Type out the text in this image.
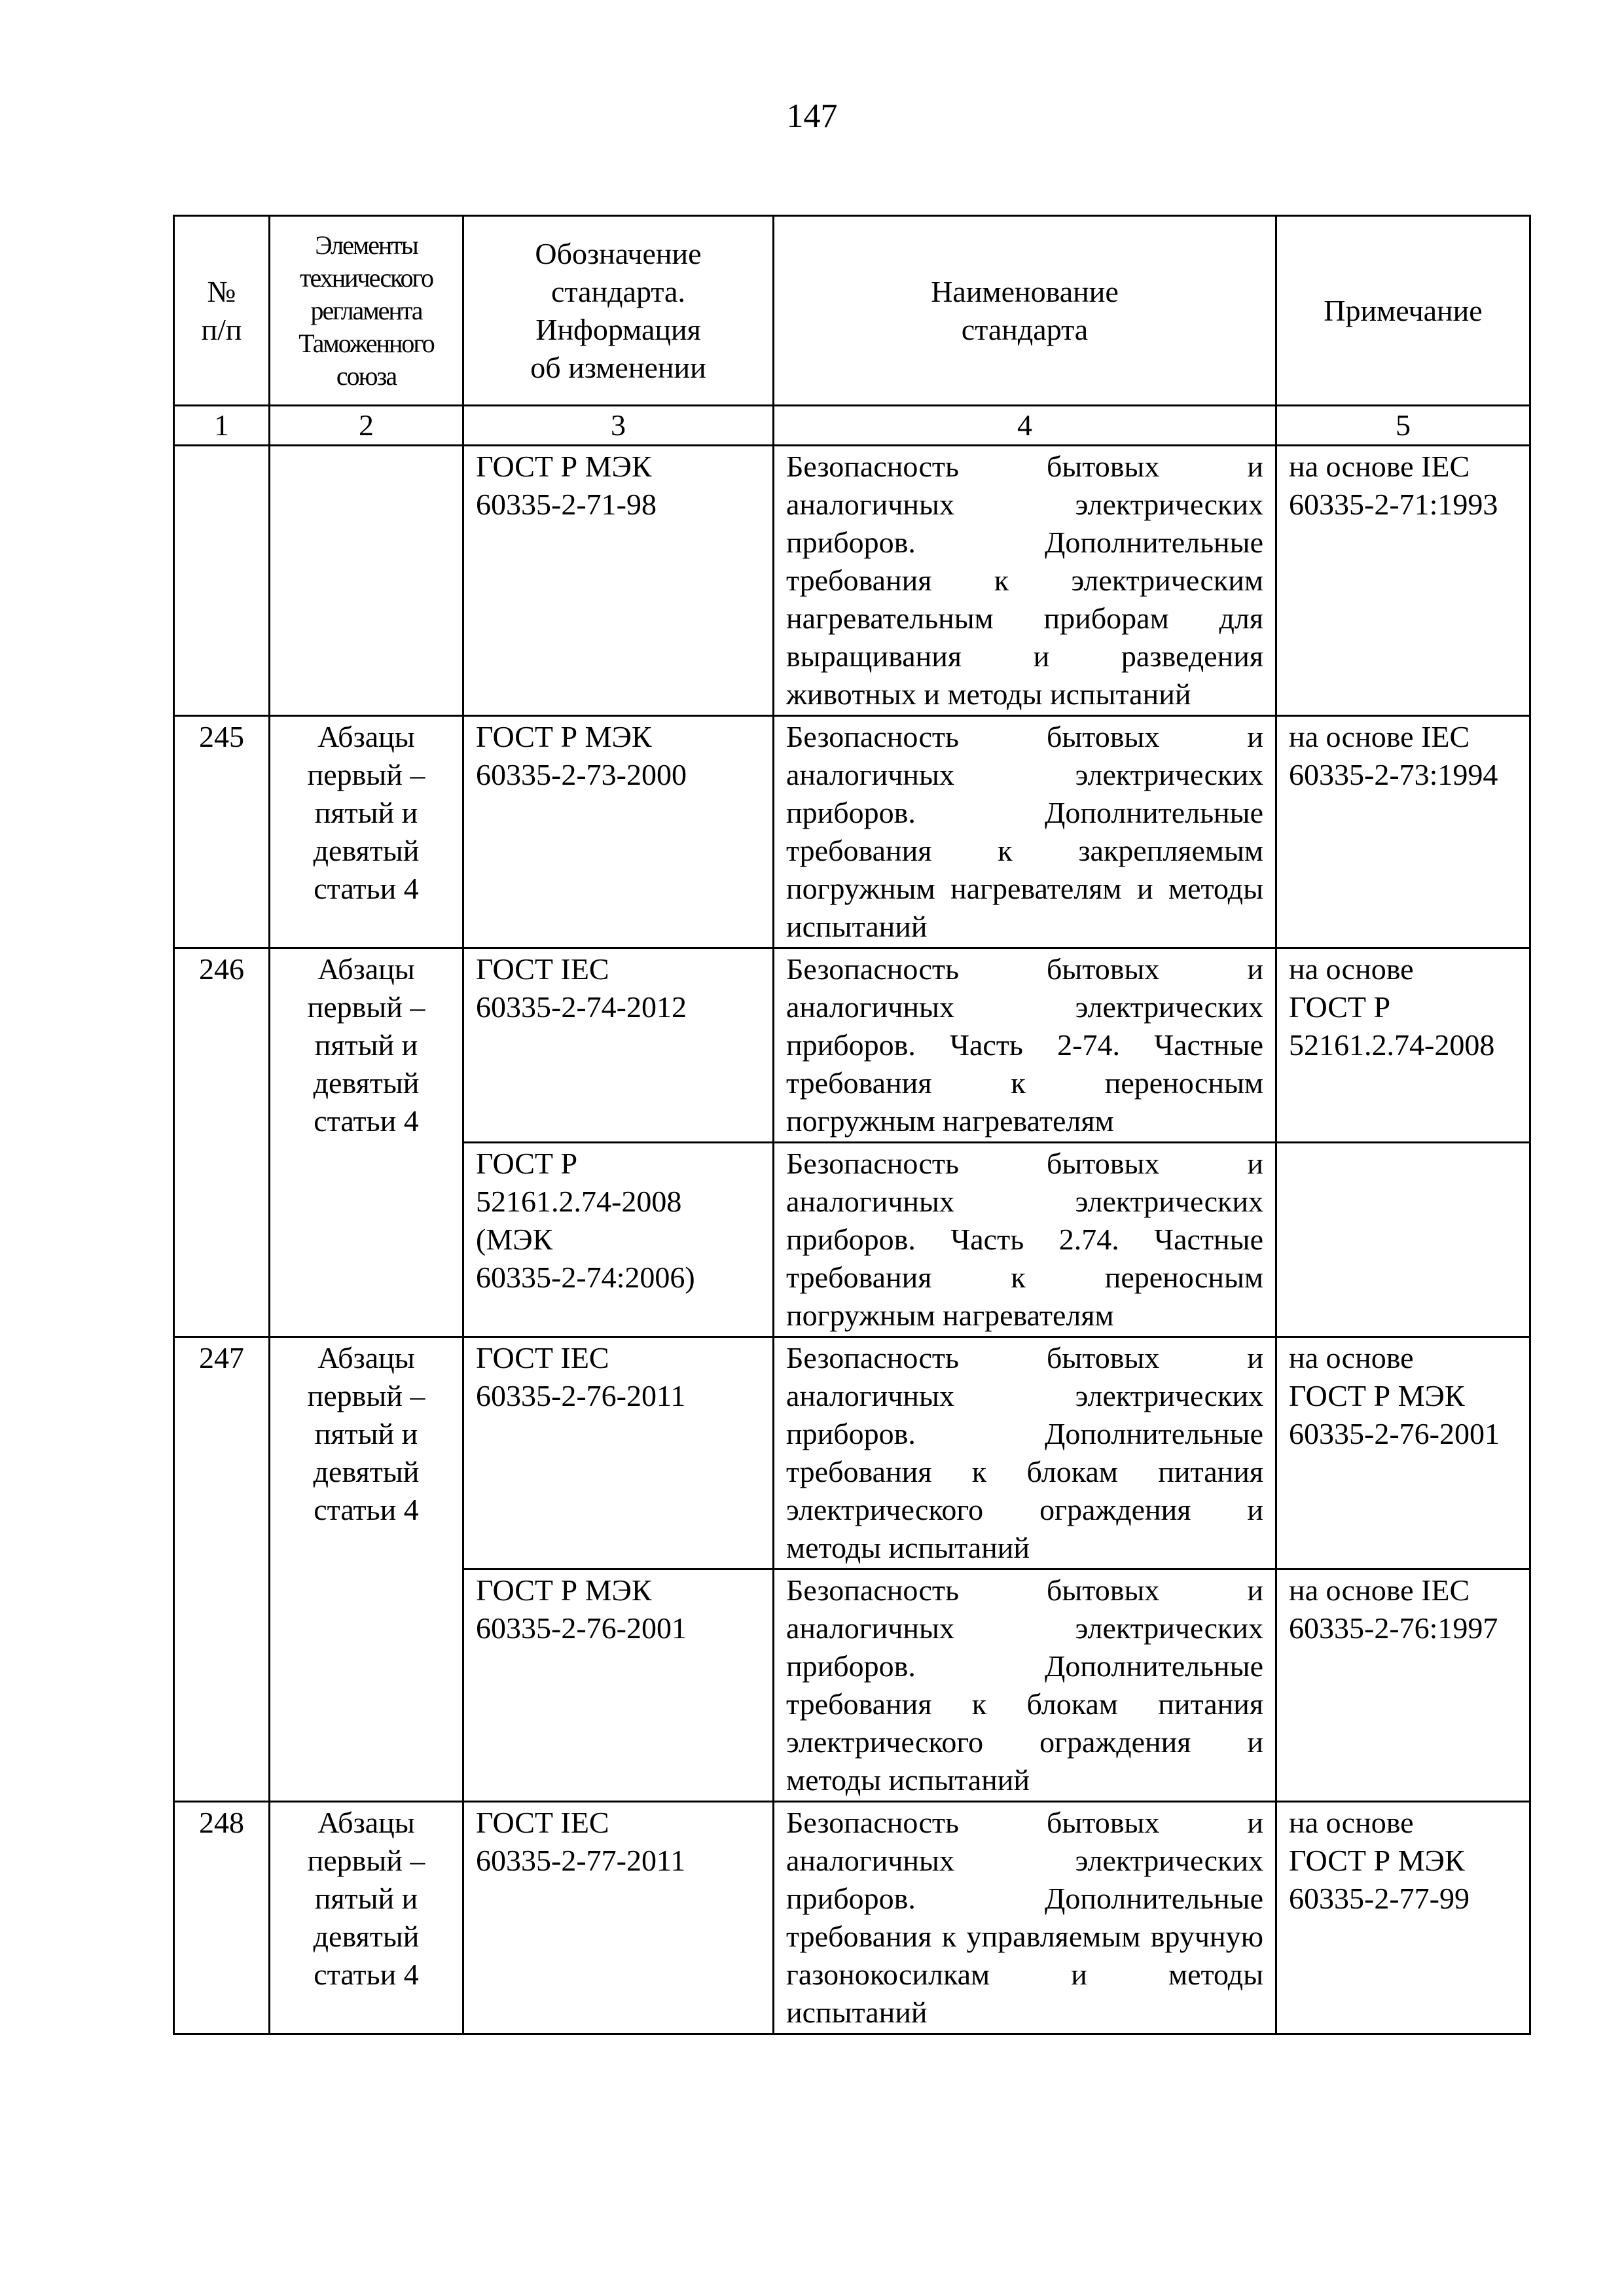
147
№
п/п	Элементы
технического
регламента
Таможенного
союза	Обозначение
стандарта.
Информация
об изменении	Наименование
стандарта	Примечание
1	2	3	4	5

		ГОСТ Р МЭК
60335-2-71-98	Безопасность бытовых и аналогичных электрических приборов. Дополнительные требования к электрическим нагревательным приборам для выращивания и разведения животных и методы испытаний	на основе IEC
60335-2-71:1993

245	Абзацы
первый –
пятый и
девятый
статьи 4	ГОСТ Р МЭК
60335-2-73-2000	Безопасность бытовых и аналогичных электрических приборов. Дополнительные требования к закрепляемым погружным нагревателям и методы испытаний	на основе IEC
60335-2-73:1994

246	Абзацы
первый –
пятый и
девятый
статьи 4	ГОСТ IEC
60335-2-74-2012	Безопасность бытовых и аналогичных электрических приборов. Часть 2-74. Частные требования к переносным погружным нагревателям	на основе
ГОСТ Р
52161.2.74-2008

		ГОСТ Р
52161.2.74-2008
(МЭК
60335-2-74:2006)	Безопасность бытовых и аналогичных электрических приборов. Часть 2.74. Частные требования к переносным погружным нагревателям	
247	Абзацы
первый –
пятый и
девятый
статьи 4	ГОСТ IEC
60335-2-76-2011	Безопасность бытовых и аналогичных электрических приборов. Дополнительные требования к блокам питания электрического ограждения и методы испытаний	на основе
ГОСТ Р МЭК
60335-2-76-2001

		ГОСТ Р МЭК
60335-2-76-2001	Безопасность бытовых и аналогичных электрических приборов. Дополнительные требования к блокам питания электрического ограждения и методы испытаний	на основе IEC
60335-2-76:1997

248	Абзацы
первый –
пятый и
девятый
статьи 4	ГОСТ IEC
60335-2-77-2011	Безопасность бытовых и аналогичных электрических приборов. Дополнительные требования к управляемым вручную газонокосилкам и методы испытаний	на основе
ГОСТ Р МЭК
60335-2-77-99
